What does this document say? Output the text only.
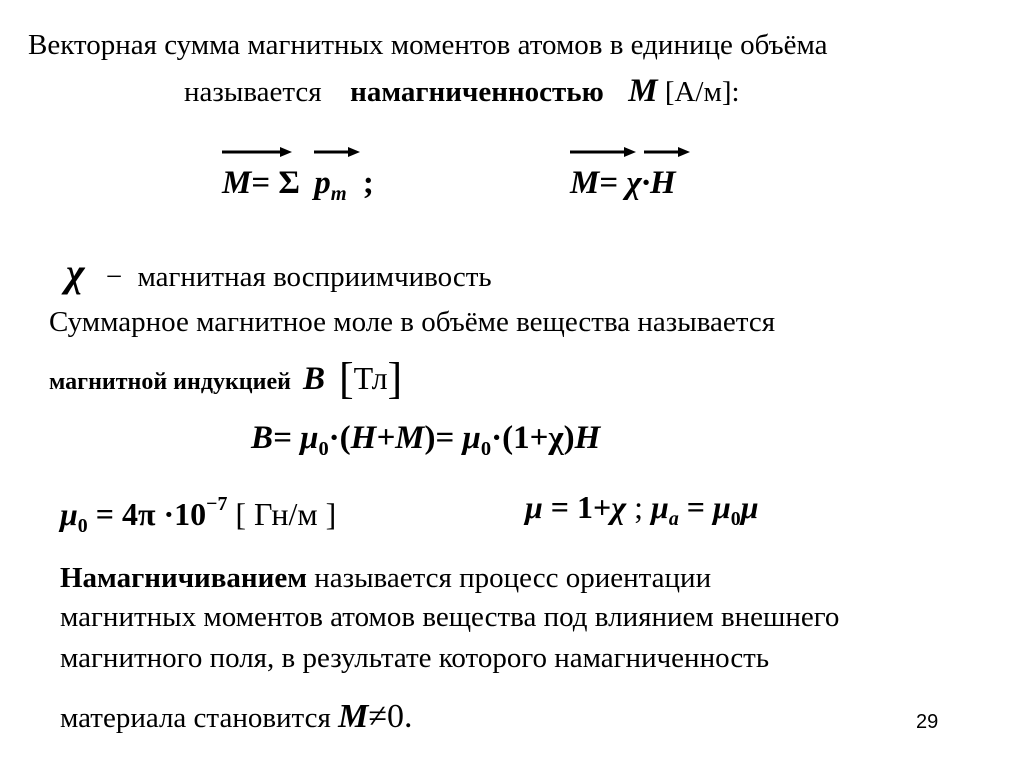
Векторная сумма магнитных моментов атомов в единице объёма
называется намагниченностью M [А/м]:
M= Σ $p_m$ ;	M= χ·
H
χ − магнитная восприимчивость
Суммарное магнитное моле в объёме вещества называется
магнитной индукцией B [Тл]
$B= \mu_0\cdot(H+M)= \mu_0\cdot(1+\chi)H$
$\mu_0 = 4\pi \cdot 10^{-7}$ [ Гн/м ]	μ = 1+χ ; $\mu_a = \mu_0\mu$
Намагничиванием называется процесс ориентации
магнитных моментов атомов вещества под влиянием внешнего
магнитного поля, в результате которого намагниченность
материала становится M≠0.	29
